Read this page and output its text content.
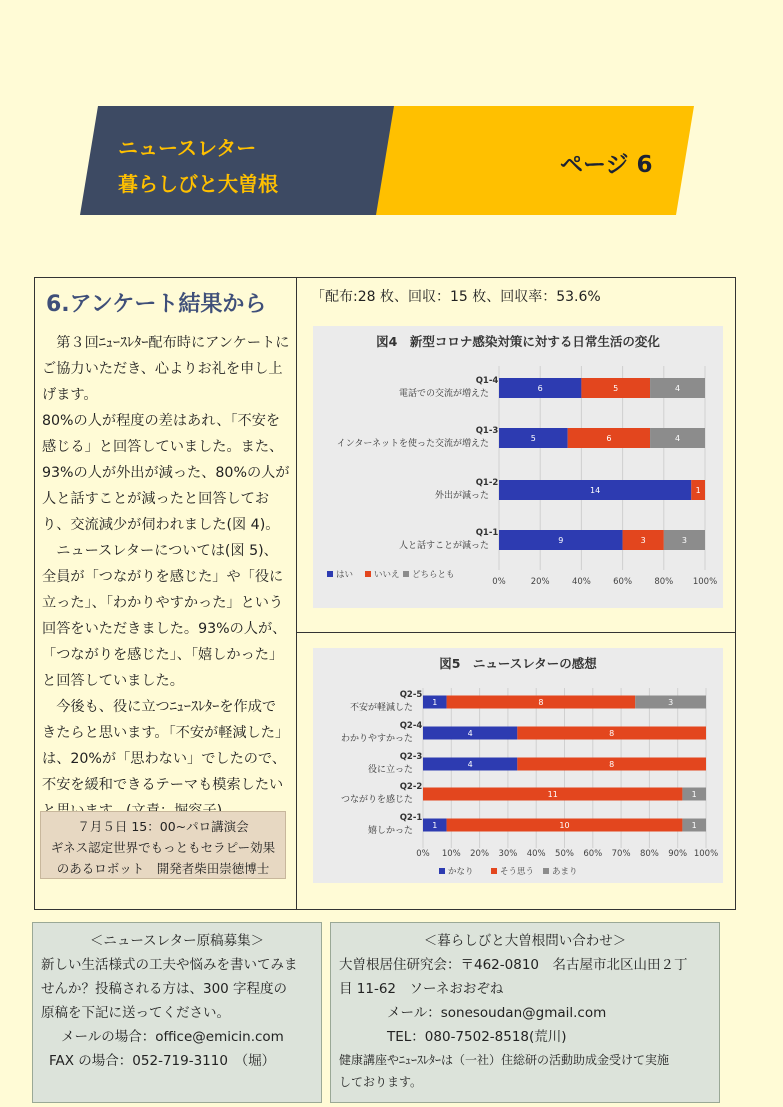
ニュースレター
暮らしびと大曽根
ページ 6
6.アンケート結果から

第３回ﾆｭｰｽﾚﾀｰ配布時にアンケートにご協力いただき、心よりお礼を申し上げます。

80%の人が程度の差はあれ、「不安を感じる」と回答していました。また、93%の人が外出が減った、80%の人が人と話すことが減ったと回答しており、交流減少が伺われました(図 4)。

ニュースレターについては(図 5)、全員が「つながりを感じた」や「役に立った」、「わかりやすかった」という回答をいただきました。93%の人が、「つながりを感じた」、「嬉しかった」と回答していました。

今後も、役に立つﾆｭｰｽﾚﾀｰを作成できたらと思います。「不安が軽減した」は、20%が「思わない」でしたので、不安を緩和できるテーマも模索したい

７月５日 15：00~パロ講演会
ギネス認定世界でもっともセラピー効果
のあるロボット　開発者柴田崇徳博士
「配布:28 枚、回収：15 枚、回収率：53.6%
図4　新型コロナ感染対策に対する日常生活の変化
0%	20%	40%	60%	80% 100%
Q1-4
電話での交流が増えた
6	5	4
Q1-3
インターネットを使った交流が増えた
5	6	4
Q1-2
外出が減った
14	1
Q1-1
人と話すことが減った
9	3	3
はい いいえ どちらとも
図5　ニュースレターの感想
0% 10% 20% 30% 40% 50% 60% 70% 80% 90% 100%
Q2-5
不安が軽減した
1	8	3
Q2-4
わかりやすかった
4	8
Q2-3
役に立った
4	8
Q2-2
つながりを感じた
11	1
Q2-1
嬉しかった
1	10	1
かなり	そう思う あまり
＜ニュースレター原稿募集＞
新しい生活様式の工夫や悩みを書いてみま
せんか？投稿される方は、300 字程度の
原稿を下記に送ってください。
メールの場合：office@emicin.com
FAX の場合：052-719-3110　（堀）
＜暮らしびと大曽根問い合わせ＞
大曽根居住研究会：〒462-0810　名古屋市北区山田２丁
目 11-62　ソーネおおぞね
メール：sonesoudan@gmail.com
TEL：080-7502-8518(荒川)
健康講座やﾆｭｰｽﾚﾀｰは（一社）住総研の活動助成金受けて実施
しております。
